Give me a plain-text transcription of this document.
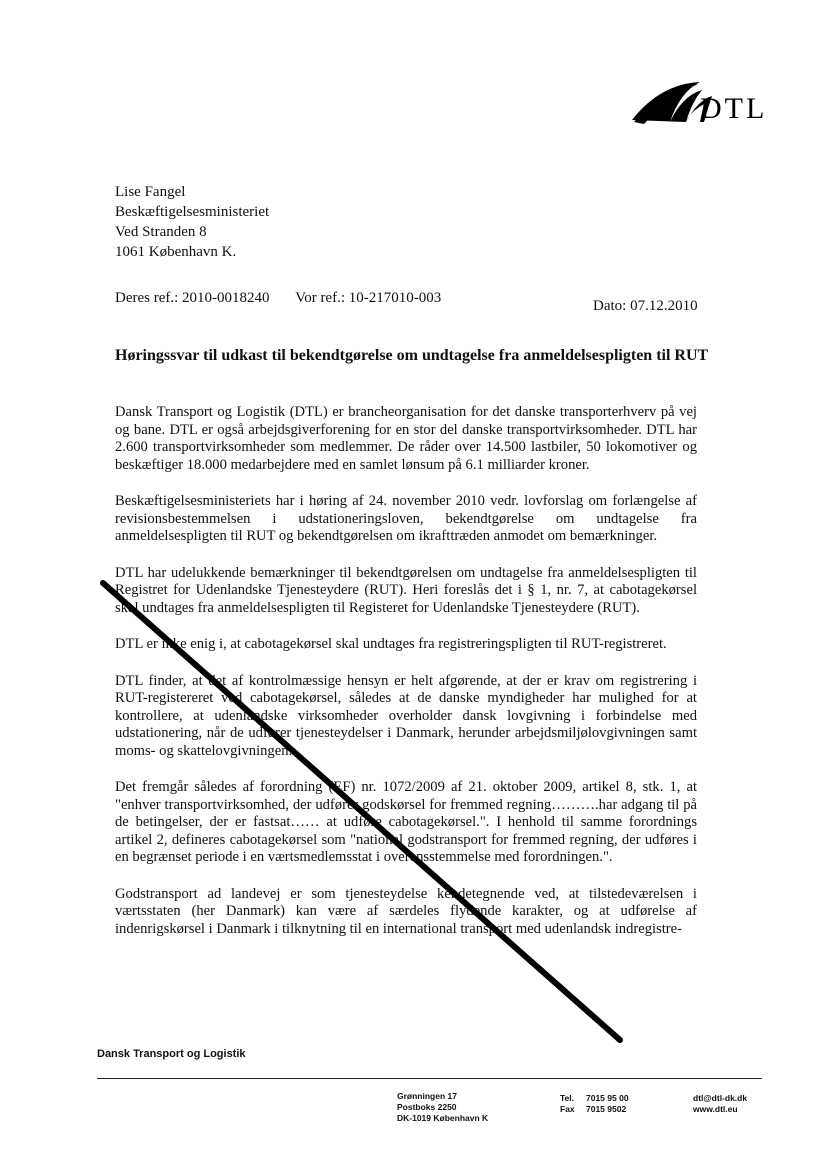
DTL
Lise Fangel
Beskæftigelsesministeriet
Ved Stranden 8
1061 København K.
Deres ref.: 2010-0018240 Vor ref.: 10-217010-003	Dato: 07.12.2010
Høringssvar til udkast til bekendtgørelse om undtagelse fra anmeldelsespligten til RUT

Dansk Transport og Logistik (DTL) er brancheorganisation for det danske transporterhverv på vej og bane. DTL er også arbejdsgiverforening for en stor del danske transportvirksomheder. DTL har 2.600 transportvirksomheder som medlemmer. De råder over 14.500 lastbiler, 50 lokomotiver og beskæftiger 18.000 medarbejdere med en samlet lønsum på 6.1 milliarder kroner.

Beskæftigelsesministeriets har i høring af 24. november 2010 vedr. lovforslag om forlængelse af revisionsbestemmelsen i udstationeringsloven, bekendtgørelse om undtagelse fra anmeldelsespligten til RUT og bekendtgørelsen om ikrafttræden anmodet om bemærkninger.

DTL har udelukkende bemærkninger til bekendtgørelsen om undtagelse fra anmeldelsespligten til Registret for Udenlandske Tjenesteydere (RUT). Heri foreslås det i § 1, nr. 7, at cabotagekørsel skal undtages fra anmeldelsespligten til Registeret for Udenlandske Tjenesteydere (RUT).

DTL er ikke enig i, at cabotagekørsel skal undtages fra registreringspligten til RUT-registreret.

DTL finder, at det af kontrolmæssige hensyn er helt afgørende, at der er krav om registrering i RUT-registereret ved cabotagekørsel, således at de danske myndigheder har mulighed for at kontrollere, at udenlandske virksomheder overholder dansk lovgivning i forbindelse med udstationering, når de udfører tjenesteydelser i Danmark, herunder arbejdsmiljølovgivningen samt moms- og skattelovgivningen.

Det fremgår således af forordning (EF) nr. 1072/2009 af 21. oktober 2009, artikel 8, stk. 1, at "enhver transportvirksomhed, der udfører godskørsel for fremmed regning……….har adgang til på de betingelser, der er fastsat…… at udføre cabotagekørsel.". I henhold til samme forordnings artikel 2, defineres cabotagekørsel som "national godstransport for fremmed regning, der udføres i en begrænset periode i en værtsmedlemsstat i overensstemmelse med forordningen.".

Godstransport ad landevej er som tjenesteydelse kendetegnende ved, at tilstedeværelsen i værtsstaten (her Danmark) kan være af særdeles flydende karakter, og at udførelse af indenrigskørsel i Danmark i tilknytning til en international transport med udenlandsk indregistre-

Dansk Transport og Logistik
Grønningen 17
Postboks 2250
DK-1019 København K
Tel. 7015 95 00
Fax 7015 9502
dtl@dtl-dk.dk
www.dtl.eu
